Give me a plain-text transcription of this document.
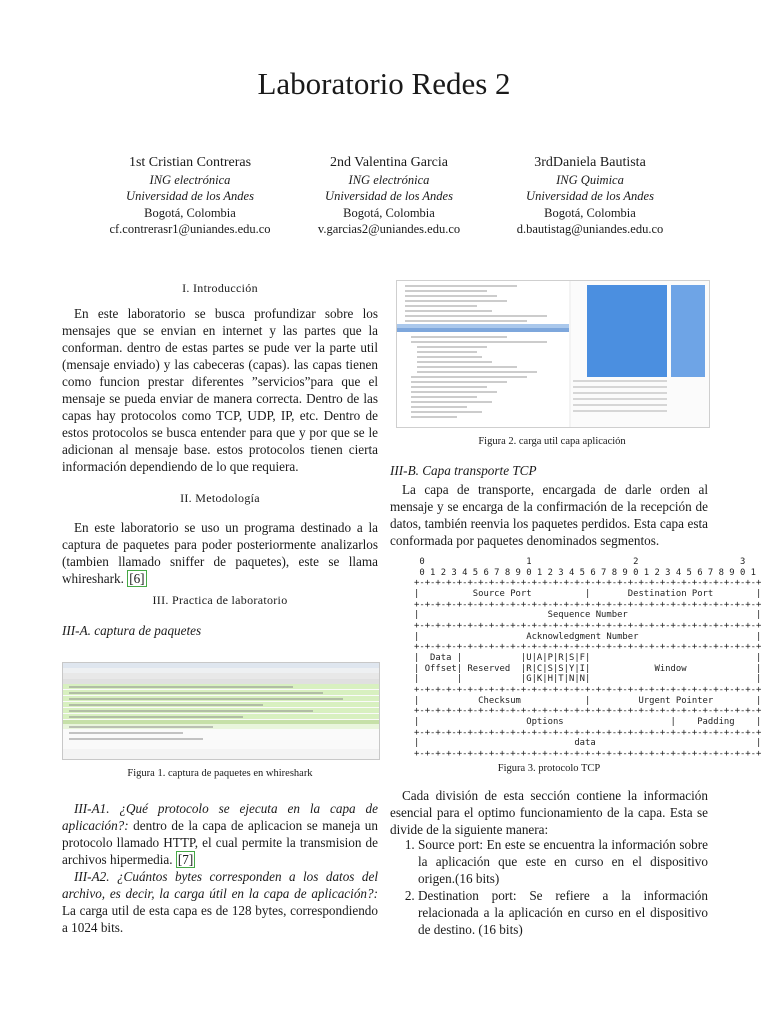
Laboratorio Redes 2
1st Cristian Contreras
ING electrónica
Universidad de los Andes
Bogotá, Colombia
cf.contrerasr1@uniandes.edu.co
2nd Valentina Garcia
ING electrónica
Universidad de los Andes
Bogotá, Colombia
v.garcias2@uniandes.edu.co
3rdDaniela Bautista
ING Quimica
Universidad de los Andes
Bogotá, Colombia
d.bautistag@uniandes.edu.co
I. Introducción
En este laboratorio se busca profundizar sobre los mensajes que se envian en internet y las partes que la conforman. dentro de estas partes se pude ver la parte util (mensaje enviado) y las cabeceras (capas). las capas tienen como funcion prestar diferentes ”servicios”para que el mensaje se pueda enviar de manera correcta. Dentro de las capas hay protocolos como TCP, UDP, IP, etc. Dentro de estos protocolos se busca entender para que y por que se le adicionan al mensaje base. estos protocolos tienen cierta información dependiendo de lo que requiera.
II. Metodología
En este laboratorio se uso un programa destinado a la captura de paquetes para poder posteriormente analizarlos (tambien llamado sniffer de paquetes), este se llama whireshark. [6]
III. Practica de laboratorio
III-A. captura de paquetes
Figura 1. captura de paquetes en whireshark
III-A1. ¿Qué protocolo se ejecuta en la capa de aplicación?: dentro de la capa de aplicacion se maneja un protocolo llamado HTTP, el cual permite la transmision de archivos hipermedia. [7]
III-A2. ¿Cuántos bytes corresponden a los datos del archivo, es decir, la carga útil en la capa de aplicación?: La carga util de esta capa es de 128 bytes, correspondiendo a 1024 bits.
Figura 2. carga util capa aplicación
III-B. Capa transporte TCP
La capa de transporte, encargada de darle orden al mensaje y se encarga de la confirmación de la recepción de datos, también reenvia los paquetes perdidos. Esta capa esta conformada por paquetes denominados segmentos.
0                   1                   2                   3
0 1 2 3 4 5 6 7 8 9 0 1 2 3 4 5 6 7 8 9 0 1 2 3 4 5 6 7 8 9 0 1
+-+-+-+-+-+-+-+-+-+-+-+-+-+-+-+-+-+-+-+-+-+-+-+-+-+-+-+-+-+-+-+-+
|          Source Port          |       Destination Port        |
+-+-+-+-+-+-+-+-+-+-+-+-+-+-+-+-+-+-+-+-+-+-+-+-+-+-+-+-+-+-+-+-+
|                        Sequence Number                        |
+-+-+-+-+-+-+-+-+-+-+-+-+-+-+-+-+-+-+-+-+-+-+-+-+-+-+-+-+-+-+-+-+
|                    Acknowledgment Number                      |
+-+-+-+-+-+-+-+-+-+-+-+-+-+-+-+-+-+-+-+-+-+-+-+-+-+-+-+-+-+-+-+-+
|  Data |           |U|A|P|R|S|F|                               |
| Offset| Reserved  |R|C|S|S|Y|I|            Window             |
|       |           |G|K|H|T|N|N|                               |
+-+-+-+-+-+-+-+-+-+-+-+-+-+-+-+-+-+-+-+-+-+-+-+-+-+-+-+-+-+-+-+-+
|           Checksum            |         Urgent Pointer        |
+-+-+-+-+-+-+-+-+-+-+-+-+-+-+-+-+-+-+-+-+-+-+-+-+-+-+-+-+-+-+-+-+
|                    Options                    |    Padding    |
+-+-+-+-+-+-+-+-+-+-+-+-+-+-+-+-+-+-+-+-+-+-+-+-+-+-+-+-+-+-+-+-+
|                             data                              |
+-+-+-+-+-+-+-+-+-+-+-+-+-+-+-+-+-+-+-+-+-+-+-+-+-+-+-+-+-+-+-+-+
Figura 3. protocolo TCP
Cada división de esta sección contiene la información esencial para el optimo funcionamiento de la capa. Esta se divide de la siguiente manera:
1. Source port: En este se encuentra la información sobre la aplicación que este en curso en el dispositivo origen.(16 bits)
2. Destination port: Se refiere a la información relacionada a la aplicación en curso en el dispositivo de destino. (16 bits)
